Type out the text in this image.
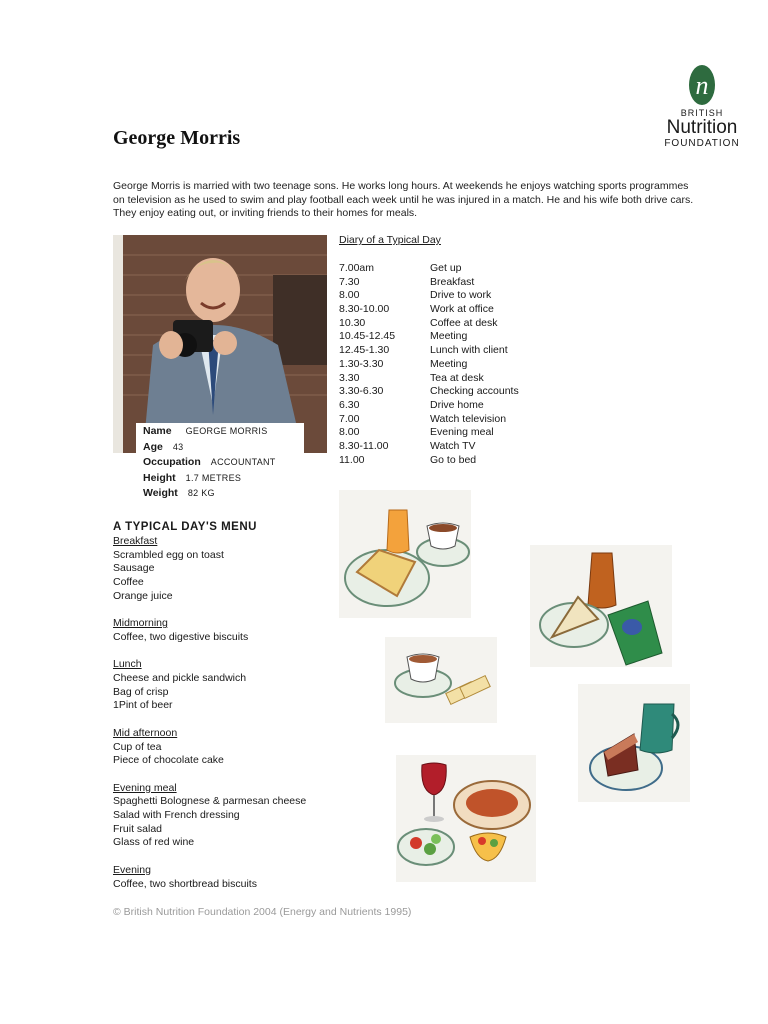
n
BRITISH
Nutrition
FOUNDATION
George Morris
George Morris is married with two teenage sons. He works long hours. At weekends he enjoys watching sports programmes on television as he used to swim and play football each week until he was injured in a match. He and his wife both drive cars. They enjoy eating out, or inviting friends to their homes for meals.
Name GEORGE MORRIS
Age 43
Occupation ACCOUNTANT
Height 1.7 METRES
Weight 82 KG
Diary of a Typical Day
7.00am	Get up
7.30	Breakfast
8.00	Drive to work
8.30-10.00	Work at office
10.30	Coffee at desk
10.45-12.45	Meeting
12.45-1.30	Lunch with client
1.30-3.30	Meeting
3.30	Tea at desk
3.30-6.30	Checking accounts
6.30	Drive home
7.00	Watch television
8.00	Evening meal
8.30-11.00	Watch TV
11.00	Go to bed
A TYPICAL DAY'S MENU
Breakfast
Scrambled egg on toast
Sausage
Coffee
Orange juice
Midmorning
Coffee, two digestive biscuits
Lunch
Cheese and pickle sandwich
Bag of crisp
1Pint of beer
Mid afternoon
Cup of tea
Piece of chocolate cake
Evening meal
Spaghetti Bolognese & parmesan cheese
Salad with French dressing
Fruit salad
Glass of red wine
Evening
Coffee, two shortbread biscuits
© British Nutrition Foundation 2004 (Energy and Nutrients 1995)
